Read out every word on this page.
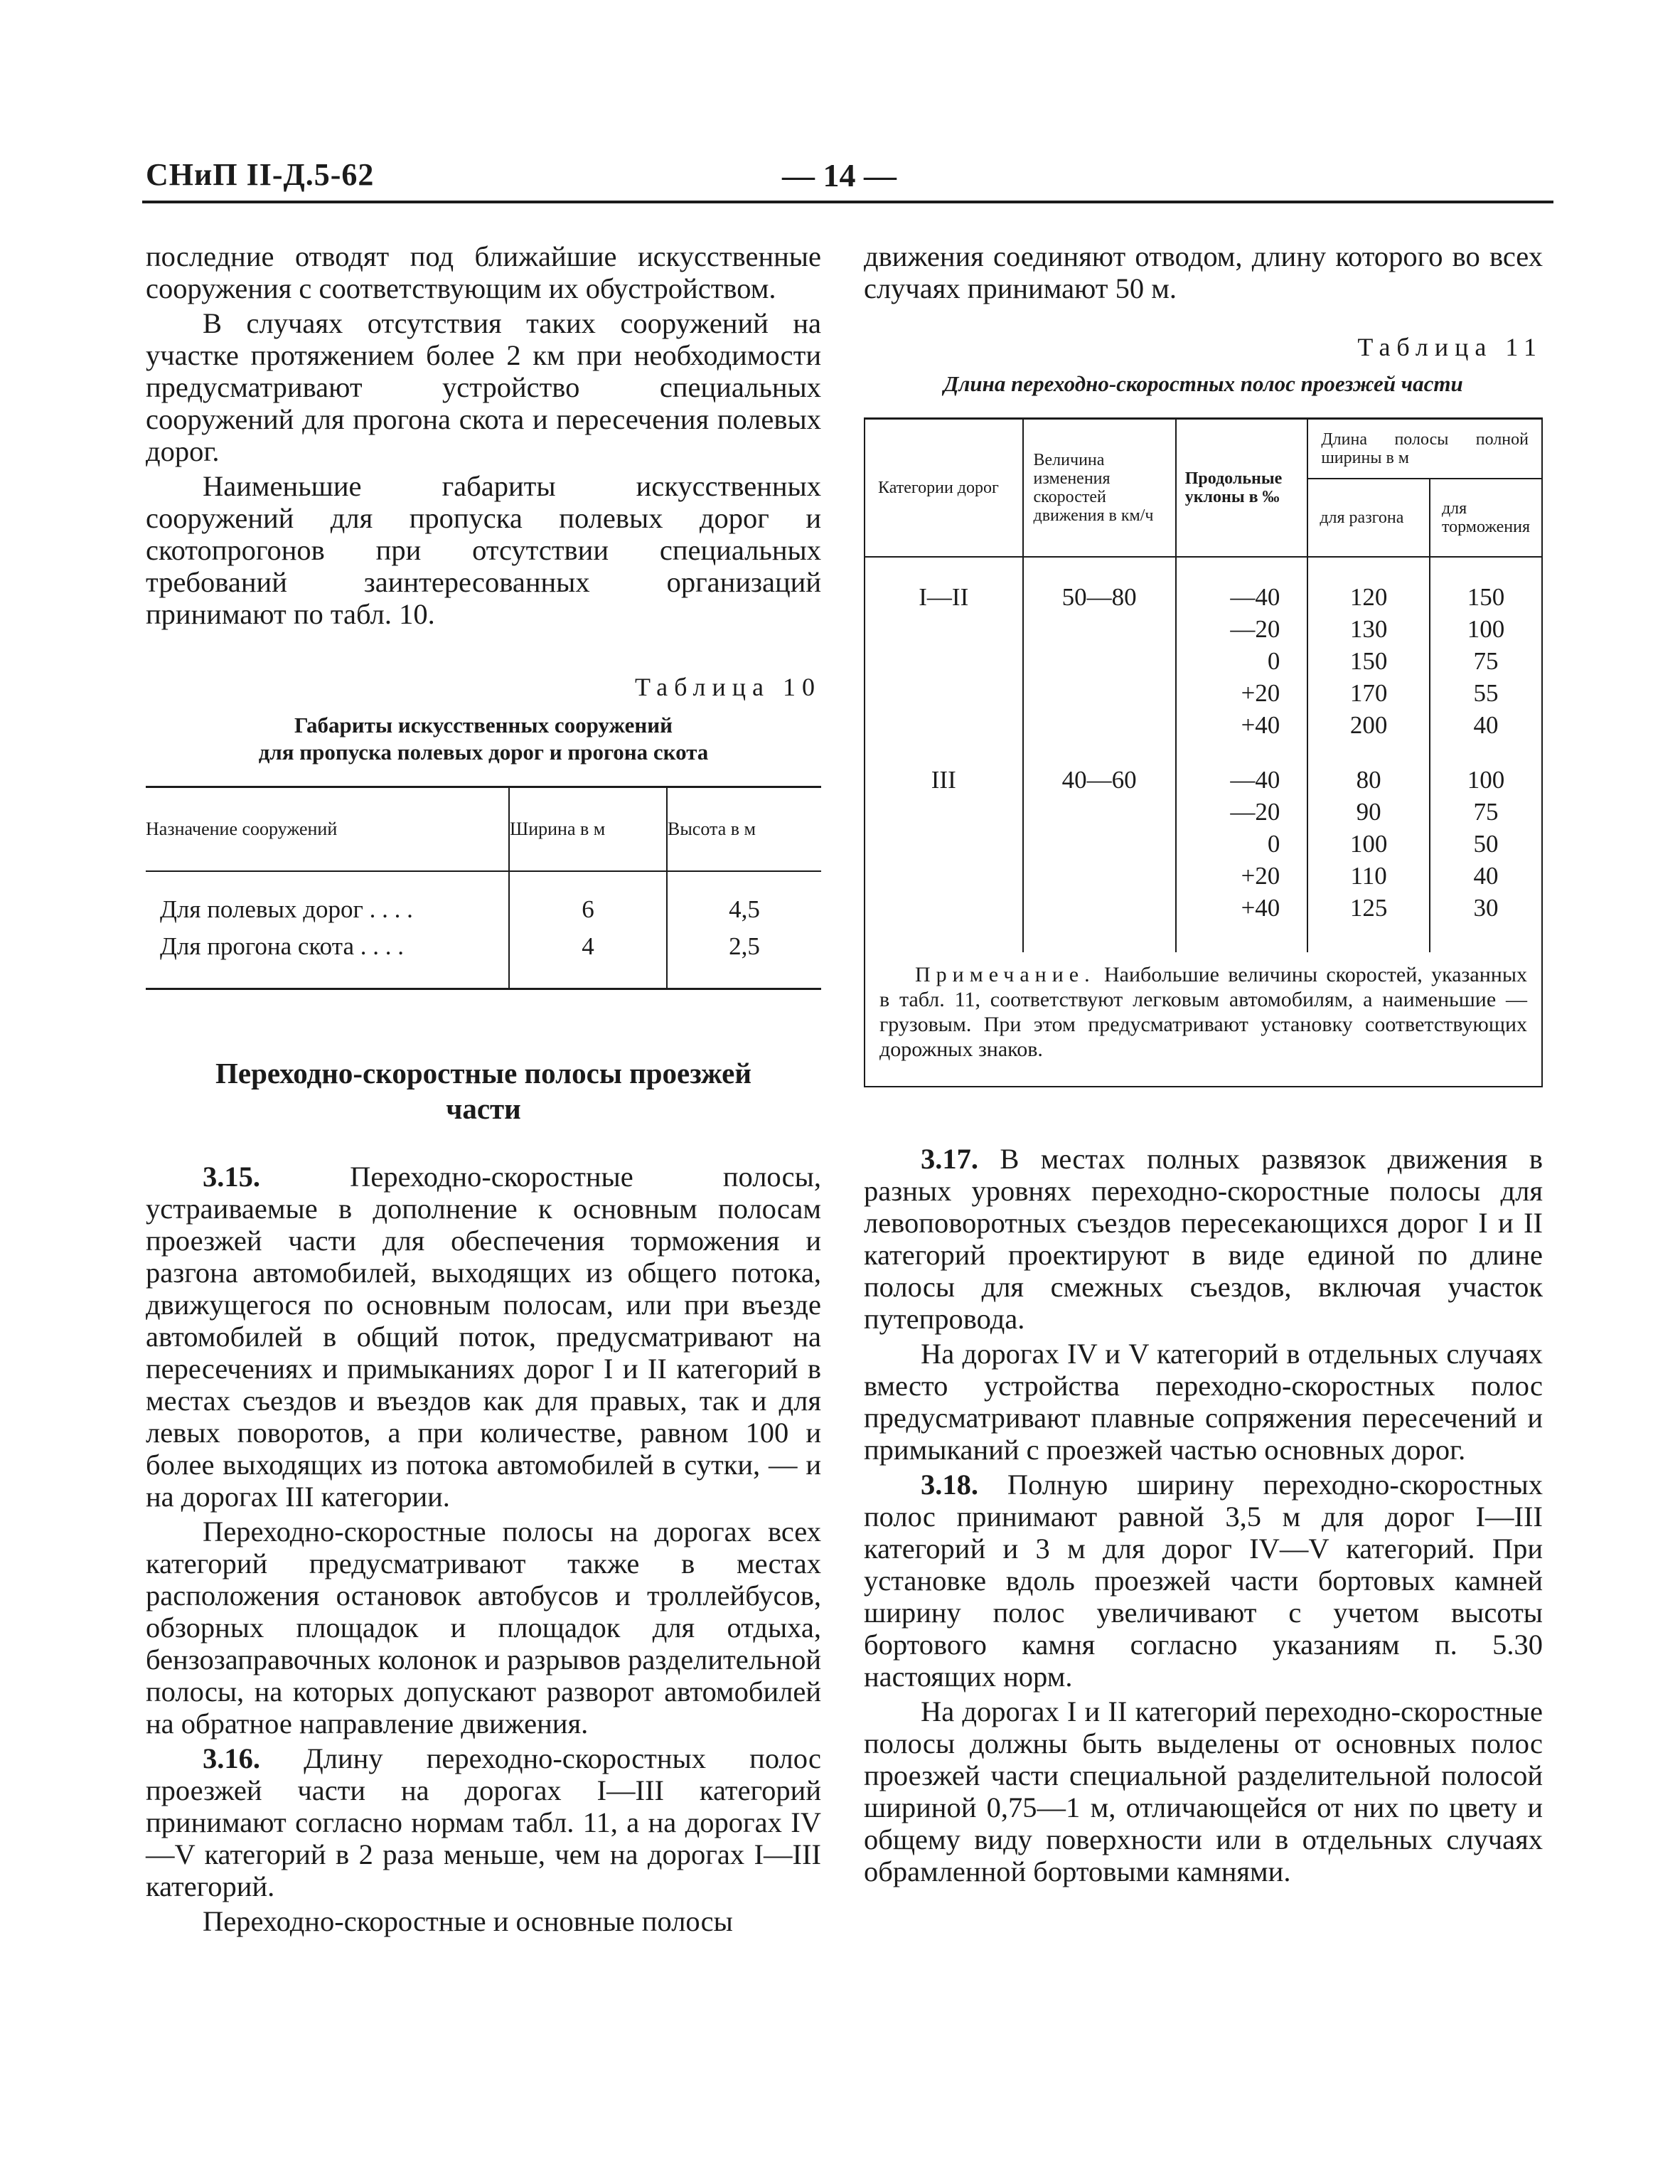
СНиП II-Д.5-62	— 14 —

последние отводят под ближайшие искусственные сооружения с соответствующим их обустройством.

В случаях отсутствия таких сооружений на участке протяжением более 2 км при необходимости предусматривают устройство специальных сооружений для прогона скота и пересечения полевых дорог.

Наименьшие габариты искусственных сооружений для пропуска полевых дорог и скотопрогонов при отсутствии специальных требований заинтересованных организаций принимают по табл. 10.

Таблица 10

Габариты искусственных сооружений
для пропуска полевых дорог и прогона скота

Назначение сооружений	Ширина в м	Высота в м

Для полевых дорог . . . .	6	4,5
Для прогона скота . . . .	4	2,5

Переходно-скоростные полосы проезжей
части

3.15. Переходно-скоростные полосы, устраиваемые в дополнение к основным полосам проезжей части для обеспечения торможения и разгона автомобилей, выходящих из общего потока, движущегося по основным полосам, или при въезде автомобилей в общий поток, предусматривают на пересечениях и примыканиях дорог I и II категорий в местах съездов и въездов как для правых, так и для левых поворотов, а при количестве, равном 100 и более выходящих из потока автомобилей в сутки, — и на дорогах III категории.

Переходно-скоростные полосы на дорогах всех категорий предусматривают также в местах расположения остановок автобусов и троллейбусов, обзорных площадок и площадок для отдыха, бензозаправочных колонок и разрывов разделительной полосы, на которых допускают разворот автомобилей на обратное направление движения.

3.16. Длину переходно-скоростных полос проезжей части на дорогах I—III категорий принимают согласно нормам табл. 11, а на дорогах IV—V категорий в 2 раза меньше, чем на дорогах I—III категорий.

Переходно-скоростные и основные полосы

движения соединяют отводом, длину которого во всех случаях принимают 50 м.

Таблица 11

Длина переходно-скоростных полос проезжей части

Категории дорог	Величина изменения скоростей движения в км/ч	Продольные уклоны в ‰	Длина полосы полной ширины в м	
			для разгона	для торможения

I—II	50—80	—40	120	150
		—20	130	100
		0	150	75
		+20	170	55
		+40	200	40

III	40—60	—40	80	100
		—20	90	75
		0	100	50
		+20	110	40
		+40	125	30

Примечание. Наибольшие величины скоростей, указанных в табл. 11, соответствуют легковым автомобилям, а наименьшие — грузовым. При этом предусматривают установку соответствующих дорожных знаков.				

3.17. В местах полных развязок движения в разных уровнях переходно-скоростные полосы для левоповоротных съездов пересекающихся дорог I и II категорий проектируют в виде единой по длине полосы для смежных съездов, включая участок путепровода.

На дорогах IV и V категорий в отдельных случаях вместо устройства переходно-скоростных полос предусматривают плавные сопряжения пересечений и примыканий с проезжей частью основных дорог.

3.18. Полную ширину переходно-скоростных полос принимают равной 3,5 м для дорог I—III категорий и 3 м для дорог IV—V категорий. При установке вдоль проезжей части бортовых камней ширину полос увеличивают с учетом высоты бортового камня согласно указаниям п. 5.30 настоящих норм.

На дорогах I и II категорий переходно-скоростные полосы должны быть выделены от основных полос проезжей части специальной разделительной полосой шириной 0,75—1 м, отличающейся от них по цвету и общему виду поверхности или в отдельных случаях обрамленной бортовыми камнями.
